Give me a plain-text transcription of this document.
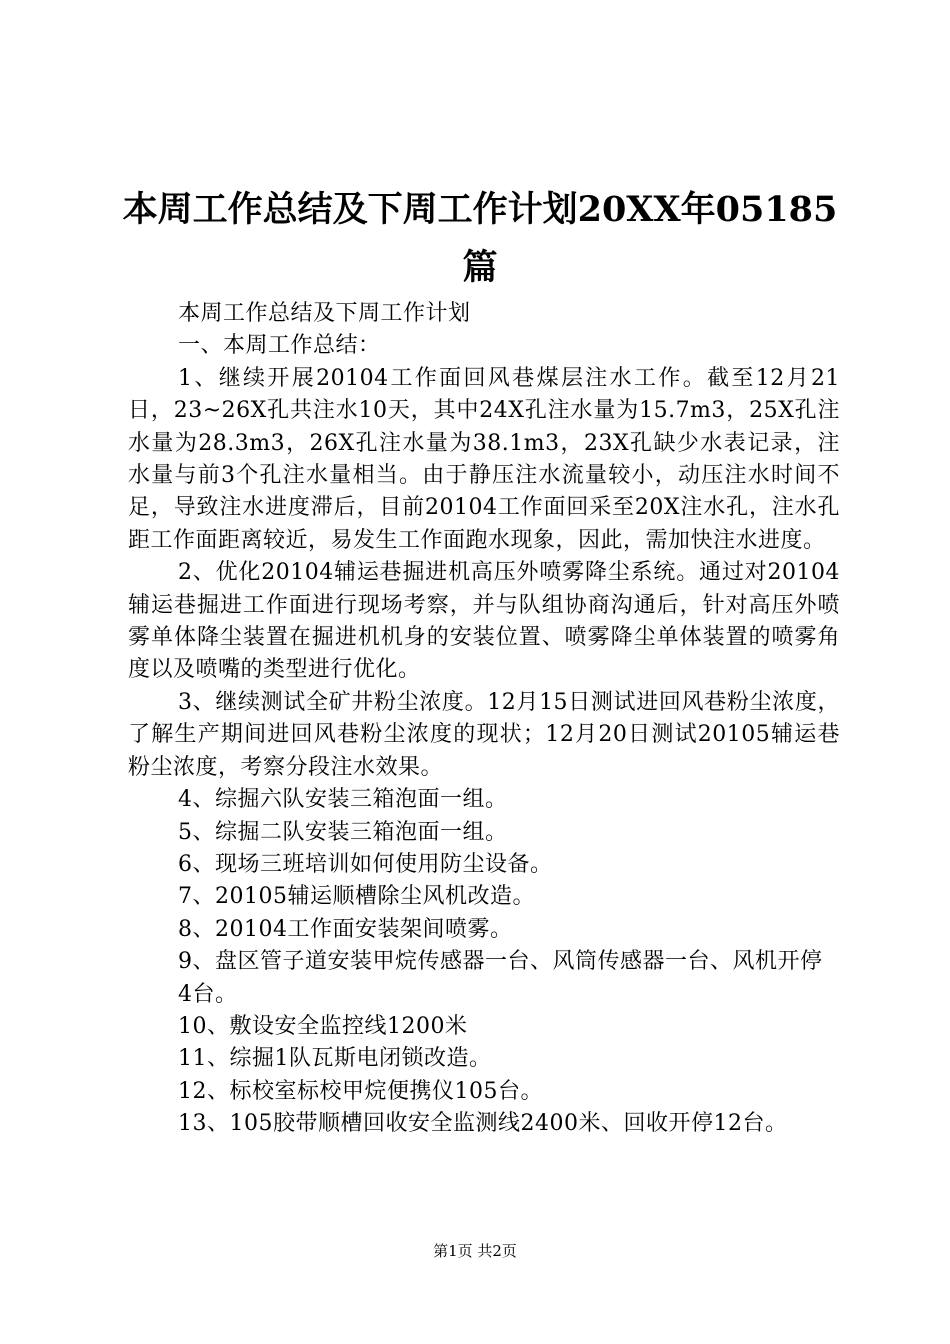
本周工作总结及下周工作计划20XX年05185
篇

本周工作总结及下周工作计划

一、本周工作总结：

1、继续开展20104工作面回风巷煤层注水工作。截至12月21日，23~26X孔共注水10天，其中24X孔注水量为15.7m3，25X孔注水量为28.3m3，26X孔注水量为38.1m3，23X孔缺少水表记录，注水量与前3个孔注水量相当。由于静压注水流量较小，动压注水时间不足，导致注水进度滞后，目前20104工作面回采至20X注水孔，注水孔距工作面距离较近，易发生工作面跑水现象，因此，需加快注水进度。

2、优化20104辅运巷掘进机高压外喷雾降尘系统。通过对20104辅运巷掘进工作面进行现场考察，并与队组协商沟通后，针对高压外喷雾单体降尘装置在掘进机机身的安装位置、喷雾降尘单体装置的喷雾角度以及喷嘴的类型进行优化。

3、继续测试全矿井粉尘浓度。12月15日测试进回风巷粉尘浓度，了解生产期间进回风巷粉尘浓度的现状；12月20日测试20105辅运巷粉尘浓度，考察分段注水效果。

4、综掘六队安装三箱泡面一组。

5、综掘二队安装三箱泡面一组。

6、现场三班培训如何使用防尘设备。

7、20105辅运顺槽除尘风机改造。

8、20104工作面安装架间喷雾。

9、盘区管子道安装甲烷传感器一台、风筒传感器一台、风机开停

4台。

10、敷设安全监控线1200米

11、综掘1队瓦斯电闭锁改造。

12、标校室标校甲烷便携仪105台。

13、105胶带顺槽回收安全监测线2400米、回收开停12台。

第1页 共2页
